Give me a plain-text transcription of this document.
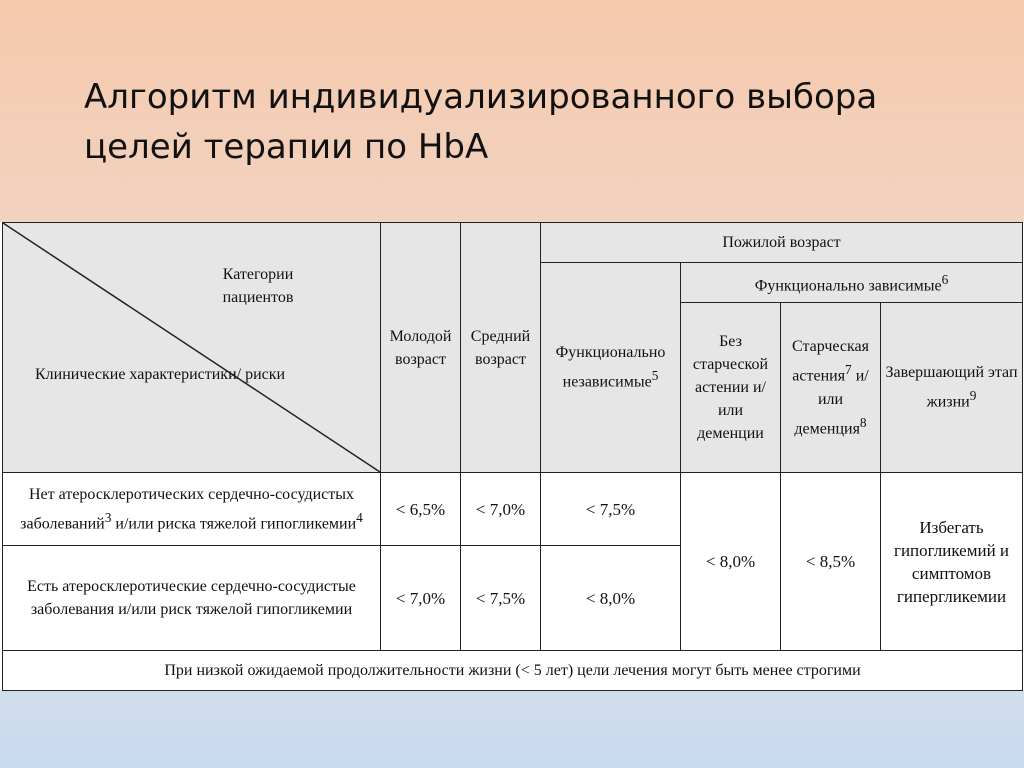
Алгоритм индивидуализированного выбора целей терапии по HbA
Категории пациентов
Клинические характеристики/ риски	Молодой возраст	Средний возраст	Пожилой возраст			
			Функционально независимые$^5$	Функционально зависимые$^6$
				Без старческой астении и/или деменции	Старческая астения$^7$ и/или деменция$^8$	Завершающий этап жизни$^9$
Нет атеросклеротических сердечно-сосудистых заболеваний$^3$ и/или риска тяжелой гипогликемии$^4$	< 6,5%	< 7,0%	< 7,5%	< 8,0%	< 8,5%	Избегать гипогликемий и симптомов гипергликемии
Есть атеросклеротические сердечно-сосудистые заболевания и/или риск тяжелой гипогликемии	< 7,0%	< 7,5%	< 8,0%			
При низкой ожидаемой продолжительности жизни (< 5 лет) цели лечения могут быть менее строгими						
